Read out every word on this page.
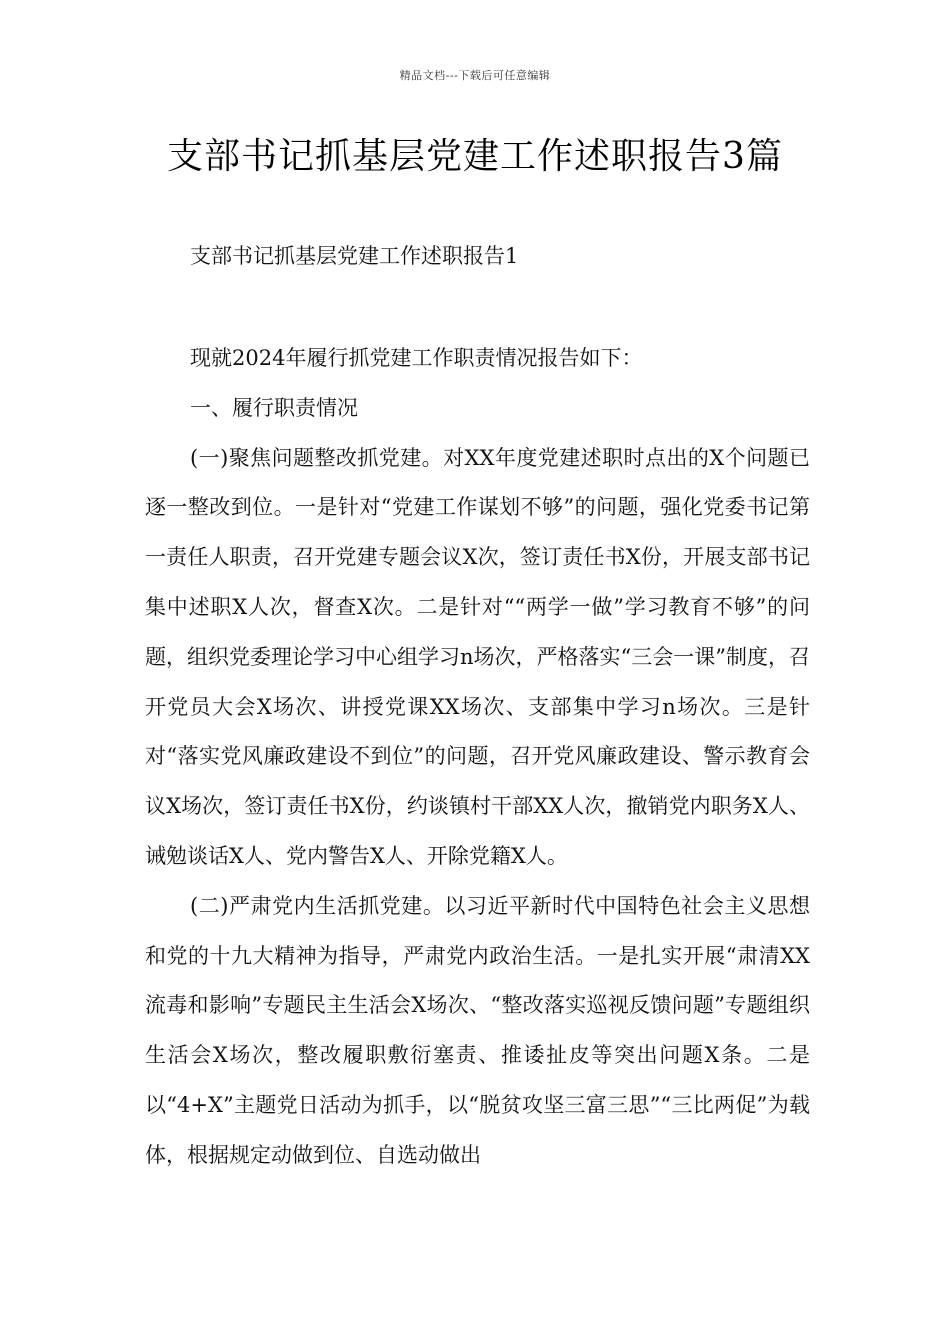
精品文档---下载后可任意编辑
支部书记抓基层党建工作述职报告3篇
支部书记抓基层党建工作述职报告1

现就2024年履行抓党建工作职责情况报告如下：

一、履行职责情况

(一)聚焦问题整改抓党建。对XX年度党建述职时点出的X个问题已逐一整改到位。一是针对“党建工作谋划不够”的问题，强化党委书记第一责任人职责，召开党建专题会议X次，签订责任书X份，开展支部书记集中述职X人次，督查X次。二是针对““两学一做”学习教育不够”的问题，组织党委理论学习中心组学习n场次，严格落实“三会一课”制度，召开党员大会X场次、讲授党课XX场次、支部集中学习n场次。三是针对“落实党风廉政建设不到位”的问题，召开党风廉政建设、警示教育会议X场次，签订责任书X份，约谈镇村干部XX人次，撤销党内职务X人、诫勉谈话X人、党内警告X人、开除党籍X人。

(二)严肃党内生活抓党建。以习近平新时代中国特色社会主义思想和党的十九大精神为指导，严肃党内政治生活。一是扎实开展“肃清XX流毒和影响”专题民主生活会X场次、“整改落实巡视反馈问题”专题组织生活会X场次，整改履职敷衍塞责、推诿扯皮等突出问题X条。二是以“4+X”主题党日活动为抓手，以“脱贫攻坚三富三思”“三比两促”为载体，根据规定动做到位、自选动做出
